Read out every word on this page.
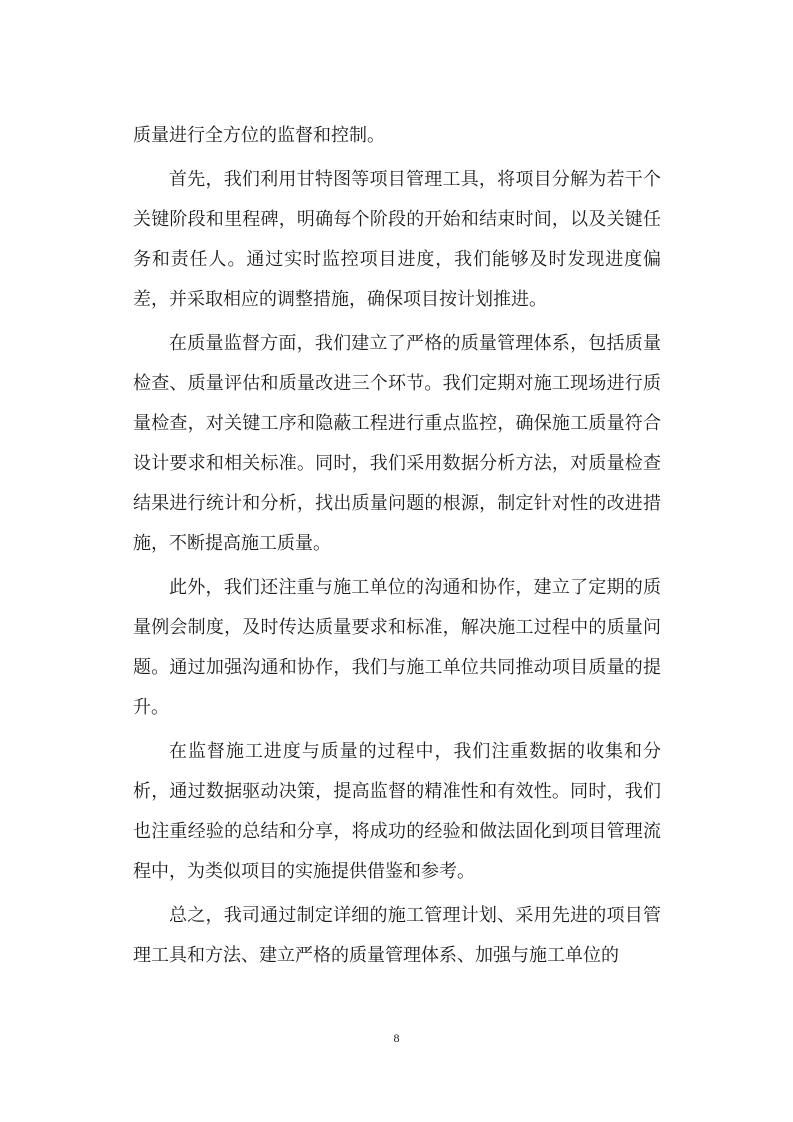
质量进行全方位的监督和控制。

首先，我们利用甘特图等项目管理工具，将项目分解为若干个关键阶段和里程碑，明确每个阶段的开始和结束时间，以及关键任务和责任人。通过实时监控项目进度，我们能够及时发现进度偏差，并采取相应的调整措施，确保项目按计划推进。

在质量监督方面，我们建立了严格的质量管理体系，包括质量检查、质量评估和质量改进三个环节。我们定期对施工现场进行质量检查，对关键工序和隐蔽工程进行重点监控，确保施工质量符合设计要求和相关标准。同时，我们采用数据分析方法，对质量检查结果进行统计和分析，找出质量问题的根源，制定针对性的改进措施，不断提高施工质量。

此外，我们还注重与施工单位的沟通和协作，建立了定期的质量例会制度，及时传达质量要求和标准，解决施工过程中的质量问题。通过加强沟通和协作，我们与施工单位共同推动项目质量的提升。

在监督施工进度与质量的过程中，我们注重数据的收集和分析，通过数据驱动决策，提高监督的精准性和有效性。同时，我们也注重经验的总结和分享，将成功的经验和做法固化到项目管理流程中，为类似项目的实施提供借鉴和参考。

总之，我司通过制定详细的施工管理计划、采用先进的项目管理工具和方法、建立严格的质量管理体系、加强与施工单位的

8
